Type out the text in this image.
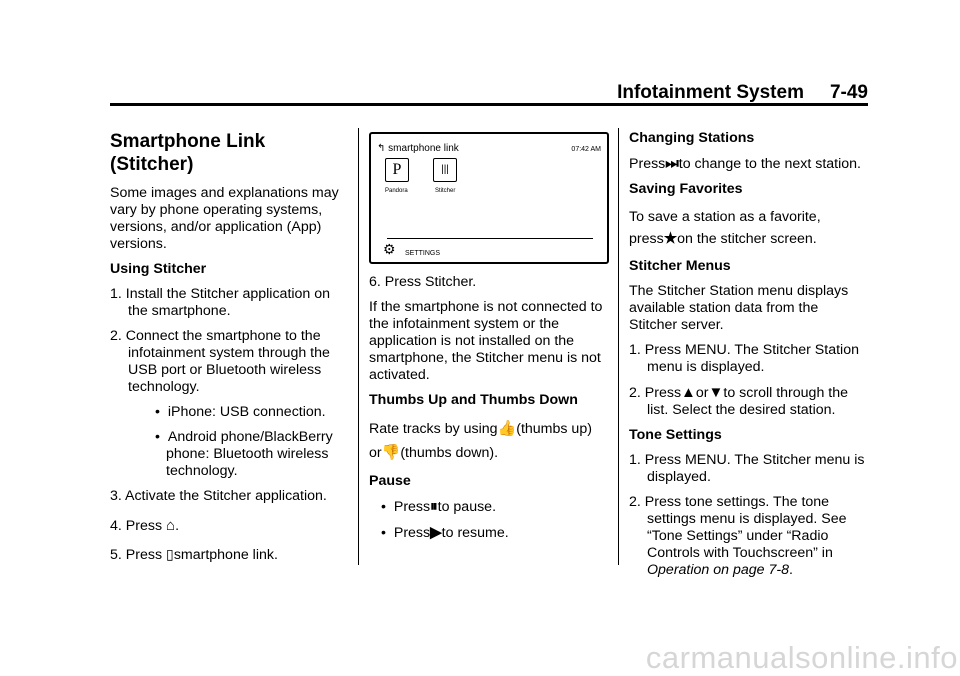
Infotainment System 7-49
Smartphone Link
(Stitcher)

Some images and explanations may vary by phone operating systems, versions, and/or application (App) versions.

Using Stitcher

1. Install the Stitcher application on the smartphone.

2. Connect the smartphone to the infotainment system through the USB port or Bluetooth wireless technology.

•  iPhone: USB connection.

•  Android phone/BlackBerry phone: Bluetooth wireless technology.

3. Activate the Stitcher application.

4. Press ⌂.

5. Press ▯smartphone link.

↰ smartphone link	07:42 AM
P
Pandora
|||
Stitcher
⚙ SETTINGS

6. Press Stitcher.

If the smartphone is not connected to the infotainment system or the application is not installed on the smartphone, the Stitcher menu is not activated.

Thumbs Up and Thumbs Down

Rate tracks by using👍(thumbs up)
or👎(thumbs down).

Pause

•  Press⏸to pause.

•  Press▶to resume.

Changing Stations

Press⏭to change to the next station.

Saving Favorites

To save a station as a favorite,
press★on the stitcher screen.

Stitcher Menus

The Stitcher Station menu displays available station data from the Stitcher server.

1. Press MENU. The Stitcher Station menu is displayed.

2. Press▲or▼to scroll through the list. Select the desired station.

Tone Settings

1. Press MENU. The Stitcher menu is displayed.

2. Press tone settings. The tone settings menu is displayed. See “Tone Settings” under “Radio Controls with Touchscreen” in Operation on page 7-8.

carmanualsonline.info
